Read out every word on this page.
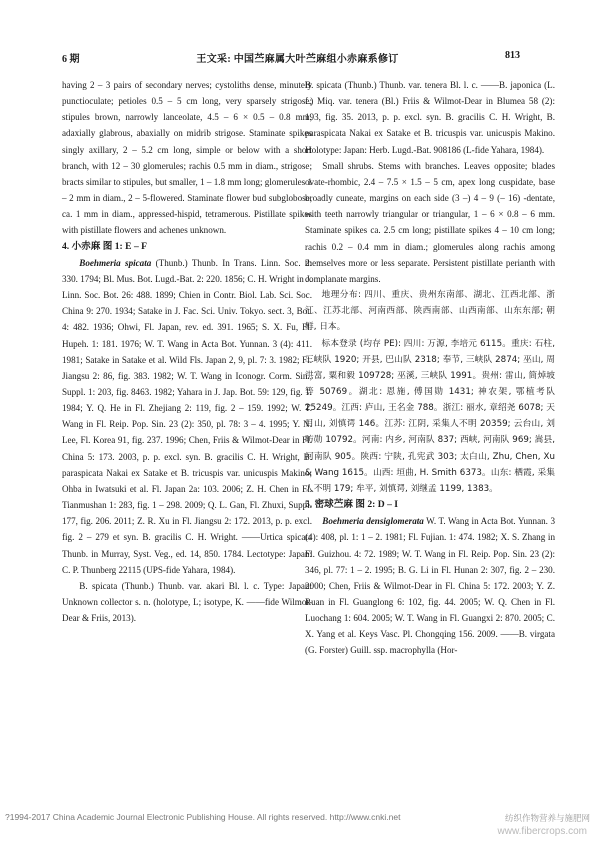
6 期	王文采: 中国苎麻属大叶苎麻组小赤麻系修订	813

having 2 – 3 pairs of secondary nerves; cystoliths dense, minutely punctioculate; petioles 0.5 – 5 cm long, very sparsely strigose; stipules brown, narrowly lanceolate, 4.5 – 6 × 0.5 – 0.8 mm, adaxially glabrous, abaxially on midrib strigose. Staminate spikes singly axillary, 2 – 5.2 cm long, simple or below with a short branch, with 12 – 30 glomerules; rachis 0.5 mm in diam., strigose; bracts similar to stipules, but smaller, 1 – 1.8 mm long; glomerules 1 – 2 mm in diam., 2 – 5-flowered. Staminate flower bud subglobose, ca. 1 mm in diam., appressed-hispid, tetramerous. Pistillate spikes with pistillate flowers and achenes unknown.

4. 小赤麻 图 1: E – F

Boehmeria spicata (Thunb.) Thunb. In Trans. Linn. Soc. 2: 330. 1794; Bl. Mus. Bot. Lugd.-Bat. 2: 220. 1856; C. H. Wright in J. Linn. Soc. Bot. 26: 488. 1899; Chien in Contr. Biol. Lab. Sci. Soc. China 9: 270. 1934; Satake in J. Fac. Sci. Univ. Tokyo. sect. 3, Bot. 4: 482. 1936; Ohwi, Fl. Japan, rev. ed. 391. 1965; S. X. Fu, Fl. Hupeh. 1: 181. 1976; W. T. Wang in Acta Bot. Yunnan. 3 (4): 411. 1981; Satake in Satake et al. Wild Fls. Japan 2, 9, pl. 7: 3. 1982; Fl. Jiangsu 2: 86, fig. 383. 1982; W. T. Wang in Iconogr. Corm. Sin., Suppl. 1: 203, fig. 8463. 1982; Yahara in J. Jap. Bot. 59: 129, fig. 1. 1984; Y. Q. He in Fl. Zhejiang 2: 119, fig. 2 – 159. 1992; W. T. Wang in Fl. Reip. Pop. Sin. 23 (2): 350, pl. 78: 3 – 4. 1995; Y. N. Lee, Fl. Korea 91, fig. 237. 1996; Chen, Friis & Wilmot-Dear in Fl. China 5: 173. 2003, p. p. excl. syn. B. gracilis C. H. Wright, B. paraspicata Nakai ex Satake et B. tricuspis var. unicuspis Makino; Ohba in Iwatsuki et al. Fl. Japan 2a: 103. 2006; Z. H. Chen in Fl. Tianmushan 1: 283, fig. 1 – 298. 2009; Q. L. Gan, Fl. Zhuxi, Suppl. 177, fig. 206. 2011; Z. R. Xu in Fl. Jiangsu 2: 172. 2013, p. p. excl. fig. 2 – 279 et syn. B. gracilis C. H. Wright. ——Urtica spicata Thunb. in Murray, Syst. Veg., ed. 14, 850. 1784. Lectotype: Japan: C. P. Thunberg 22115 (UPS-fide Yahara, 1984).

B. spicata (Thunb.) Thunb. var. akari Bl. l. c. Type: Japan: Unknown collector s. n. (holotype, L; isotype, K. ——fide Wilmot-Dear & Friis, 2013).

B. spicata (Thunb.) Thunb. var. tenera Bl. l. c. ——B. japonica (L. f.) Miq. var. tenera (Bl.) Friis & Wilmot-Dear in Blumea 58 (2): 193, fig. 35. 2013, p. p. excl. syn. B. gracilis C. H. Wright, B. paraspicata Nakai ex Satake et B. tricuspis var. unicuspis Makino. Holotype: Japan: Herb. Lugd.-Bat. 908186 (L-fide Yahara, 1984).

Small shrubs. Stems with branches. Leaves opposite; blades ovate-rhombic, 2.4 – 7.5 × 1.5 – 5 cm, apex long cuspidate, base broadly cuneate, margins on each side (3 –) 4 – 9 (– 16) -dentate, with teeth narrowly triangular or triangular, 1 – 6 × 0.8 – 6 mm. Staminate spikes ca. 2.5 cm long; pistillate spikes 4 – 10 cm long; rachis 0.2 – 0.4 mm in diam.; glomerules along rachis among themselves more or less separate. Persistent pistillate perianth with complanate margins.

地理分布: 四川、重庆、贵州东南部、湖北、江西北部、浙江、江苏北部、河南西部、陕西南部、山西南部、山东东部; 朝鲜, 日本。

标本登录 (均存 PE): 四川: 万源, 李培元 6115。重庆: 石柱, 三峡队 1920; 开县, 巴山队 2318; 奉节, 三峡队 2874; 巫山, 周洪富, 粟和毅 109728; 巫溪, 三峡队 1991。贵州: 雷山, 简焯坡等 50769。湖北: 恩施, 傅国勋 1431; 神农架, 鄂植考队 25249。江西: 庐山, 王名金 788。浙江: 丽水, 章绍尧 6078; 天目山, 刘慎谔 146。江苏: 江阴, 采集人不明 20359; 云台山, 刘昉勋 10792。河南: 内乡, 河南队 837; 西峡, 河南队 969; 嵩县, 河南队 905。陕西: 宁陕, 孔宪武 303; 太白山, Zhu, Chen, Xu & Wang 1615。山西: 垣曲, H. Smith 6373。山东: 栖霞, 采集人不明 179; 牟平, 刘慎谔, 刘继孟 1199, 1383。

5. 密球苎麻 图 2: D – I

Boehmeria densiglomerata W. T. Wang in Acta Bot. Yunnan. 3 (4): 408, pl. 1: 1 – 2. 1981; Fl. Fujian. 1: 474. 1982; X. S. Zhang in Fl. Guizhou. 4: 72. 1989; W. T. Wang in Fl. Reip. Pop. Sin. 23 (2): 346, pl. 77: 1 – 2. 1995; B. G. Li in Fl. Hunan 2: 307, fig. 2 – 230. 2000; Chen, Friis & Wilmot-Dear in Fl. China 5: 172. 2003; Y. Z. Ruan in Fl. Guanglong 6: 102, fig. 44. 2005; W. Q. Chen in Fl. Luochang 1: 604. 2005; W. T. Wang in Fl. Guangxi 2: 870. 2005; C. X. Yang et al. Keys Vasc. Pl. Chongqing 156. 2009. ——B. virgata (G. Forster) Guill. ssp. macrophylla (Hor-

?1994-2017 China Academic Journal Electronic Publishing House. All rights reserved. http://www.cnki.net	纺织作物营养与施肥网
www.fibercrops.com
